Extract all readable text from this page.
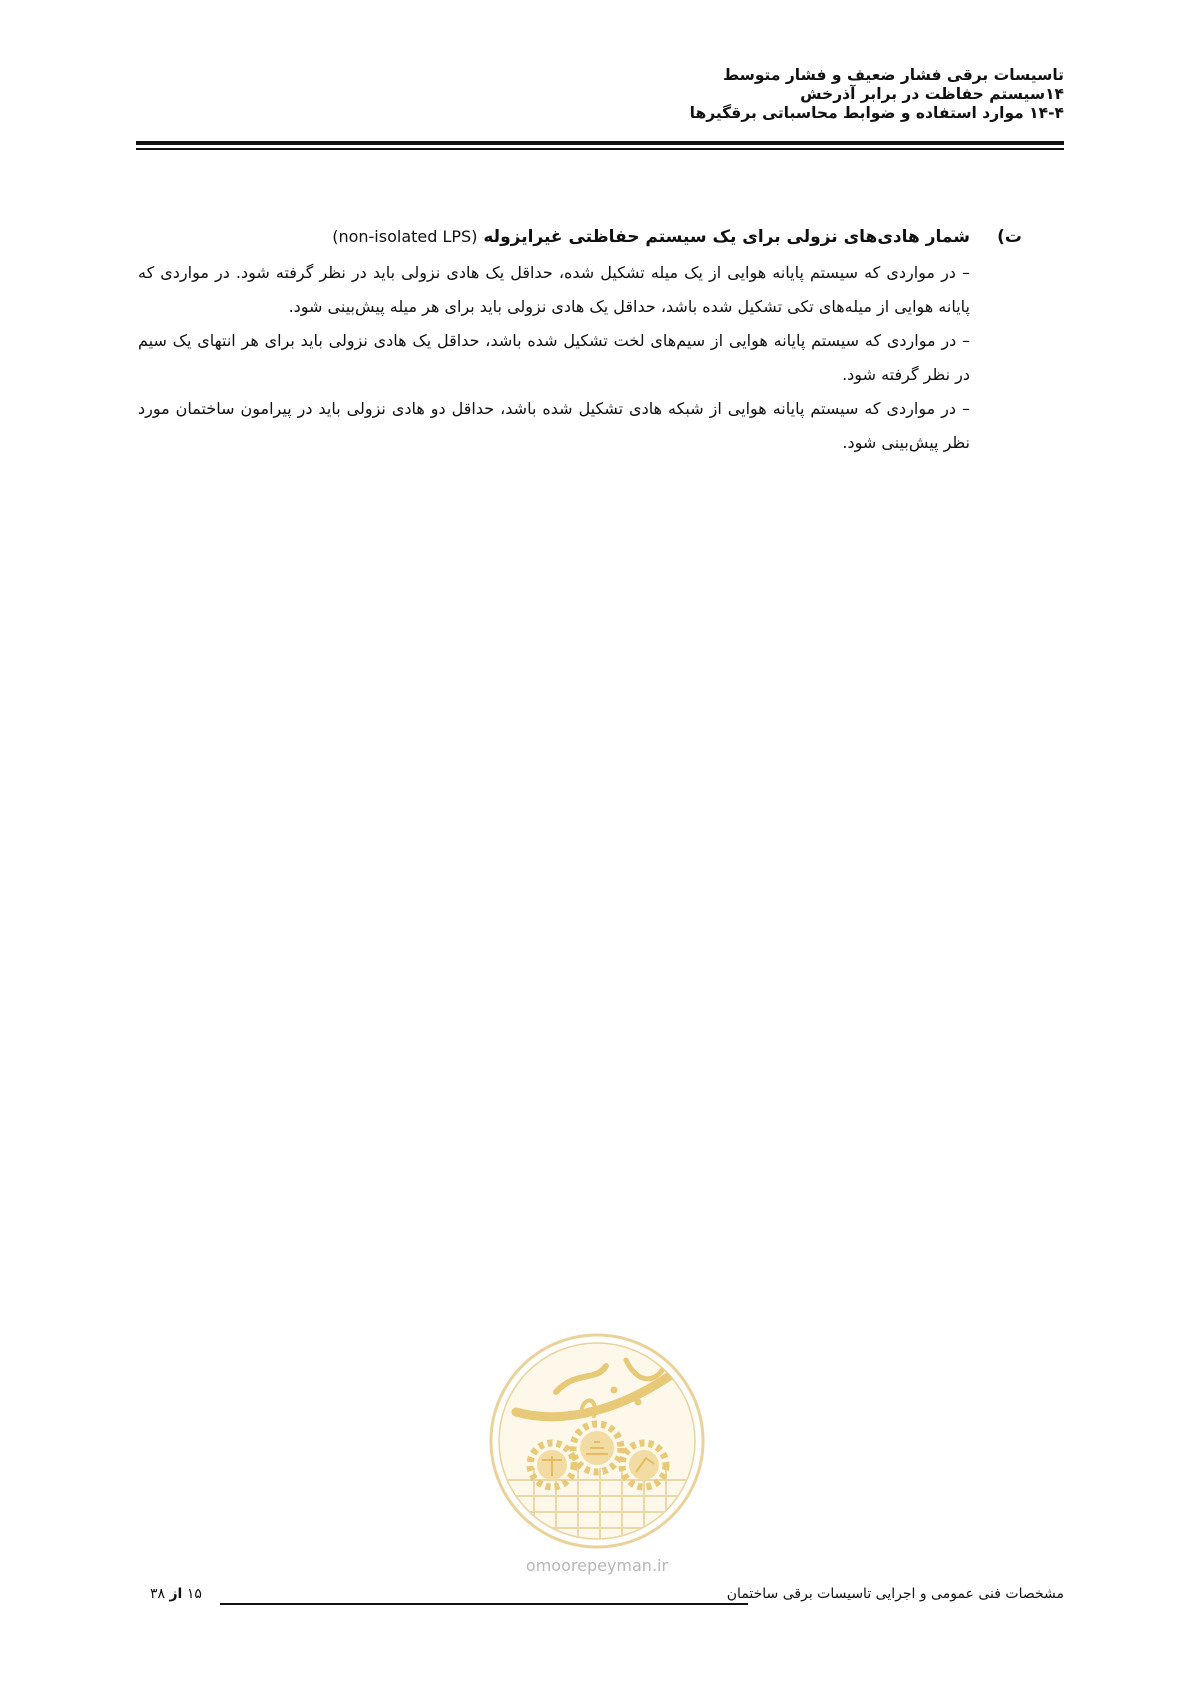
تاسیسات برقی فشار ضعیف و فشار متوسط
۱۴سیستم حفاظت در برابر آذرخش
۱۴-۴ موارد استفاده و ضوابط محاسباتی برقگیرها
ت)
شمار هادی‌های نزولی برای یک سیستم حفاظتی غیرایزوله (non-isolated LPS)

– در مواردی که سیستم پایانه هوایی از یک میله تشکیل شده، حداقل یک هادی نزولی باید در نظر گرفته شود. در مواردی که پایانه هوایی از میله‌های تکی تشکیل شده باشد، حداقل یک هادی نزولی باید برای هر میله پیش‌بینی شود.

– در مواردی که سیستم پایانه هوایی از سیم‌های لخت تشکیل شده باشد، حداقل یک هادی نزولی باید برای هر انتهای یک سیم در نظر گرفته شود.

– در مواردی که سیستم پایانه هوایی از شبکه هادی تشکیل شده باشد، حداقل دو هادی نزولی باید در پیرامون ساختمان مورد نظر پیش‌بینی شود.

omoorepeyman.ir
مشخصات فنی عمومی و اجرایی تاسیسات برقی ساختمان
۱۵ از ۳۸
